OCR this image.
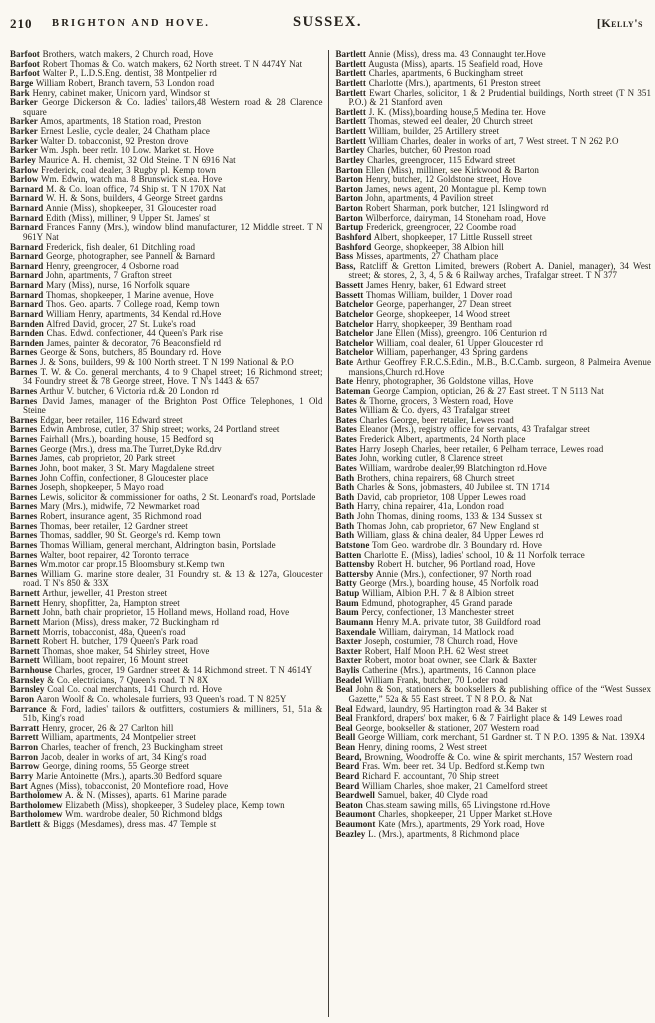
210 BRIGHTON AND HOVE.	SUSSEX.	[Kelly's
Barfoot Brothers, watch makers, 2 Church road, Hove
Barfoot Robert Thomas & Co. watch makers, 62 North street. T N 4474Y Nat
Barfoot Walter P., L.D.S.Eng. dentist, 38 Montpelier rd
Barge William Robert, Branch tavern, 53 London road
Bark Henry, cabinet maker, Unicorn yard, Windsor st
Barker George Dickerson & Co. ladies' tailors,48 Western road & 28 Clarence square
Barker Amos, apartments, 18 Station road, Preston
Barker Ernest Leslie, cycle dealer, 24 Chatham place
Barker Walter D. tobacconist, 92 Preston drove
Barker Wm. Jsph. beer retlr. 10 Low. Market st. Hove
Barley Maurice A. H. chemist, 32 Old Steine. T N 6916 Nat
Barlow Frederick, coal dealer, 3 Rugby pl. Kemp town
Barlow Wm. Edwin, watch ma. 8 Brunswick st.ea. Hove
Barnard M. & Co. loan office, 74 Ship st. T N 170X Nat
Barnard W. H. & Sons, builders, 4 George Street gardns
Barnard Annie (Miss), shopkeeper, 31 Gloucester road
Barnard Edith (Miss), milliner, 9 Upper St. James' st
Barnard Frances Fanny (Mrs.), window blind manufacturer, 12 Middle street. T N 961Y Nat
Barnard Frederick, fish dealer, 61 Ditchling road
Barnard George, photographer, see Pannell & Barnard
Barnard Henry, greengrocer, 4 Osborne road
Barnard John, apartments, 7 Grafton street
Barnard Mary (Miss), nurse, 16 Norfolk square
Barnard Thomas, shopkeeper, 1 Marine avenue, Hove
Barnard Thos. Geo. aparts. 7 College road, Kemp town
Barnard William Henry, apartments, 34 Kendal rd.Hove
Barnden Alfred David, grocer, 27 St. Luke's road
Barnden Chas. Edwd. confectioner, 44 Queen's Park rise
Barnden James, painter & decorator, 76 Beaconsfield rd
Barnes George & Sons, butchers, 85 Boundary rd. Hove
Barnes J. & Sons, builders, 99 & 100 North street. T N 199 National & P.O
Barnes T. W. & Co. general merchants, 4 to 9 Chapel street; 16 Richmond street; 34 Foundry street & 78 George street, Hove. T N's 1443 & 657
Barnes Arthur V. butcher, 6 Victoria rd.& 20 London rd
Barnes David James, manager of the Brighton Post Office Telephones, 1 Old Steine
Barnes Edgar, beer retailer, 116 Edward street
Barnes Edwin Ambrose, cutler, 37 Ship street; works, 24 Portland street
Barnes Fairhall (Mrs.), boarding house, 15 Bedford sq
Barnes George (Mrs.), dress ma.The Turret,Dyke Rd.drv
Barnes James, cab proprietor, 20 Park street
Barnes John, boot maker, 3 St. Mary Magdalene street
Barnes John Coffin, confectioner, 8 Gloucester place
Barnes Joseph, shopkeeper, 5 Mayo road
Barnes Lewis, solicitor & commissioner for oaths, 2 St. Leonard's road, Portslade
Barnes Mary (Mrs.), midwife, 72 Newmarket road
Barnes Robert, insurance agent, 35 Richmond road
Barnes Thomas, beer retailer, 12 Gardner street
Barnes Thomas, saddler, 90 St. George's rd. Kemp town
Barnes Thomas William, general merchant, Aldrington basin, Portslade
Barnes Walter, boot repairer, 42 Toronto terrace
Barnes Wm.motor car propr.15 Bloomsbury st.Kemp twn
Barnes William G. marine store dealer, 31 Foundry st. & 13 & 127a, Gloucester road. T N's 850 & 33X
Barnett Arthur, jeweller, 41 Preston street
Barnett Henry, shopfitter, 2a, Hampton street
Barnett John, bath chair proprietor, 15 Holland mews, Holland road, Hove
Barnett Marion (Miss), dress maker, 72 Buckingham rd
Barnett Morris, tobacconist, 48a, Queen's road
Barnett Robert H. butcher, 179 Queen's Park road
Barnett Thomas, shoe maker, 54 Shirley street, Hove
Barnett William, boot repairer, 16 Mount street
Barnhouse Charles, grocer, 19 Gardner street & 14 Richmond street. T N 4614Y
Barnsley & Co. electricians, 7 Queen's road. T N 8X
Barnsley Coal Co. coal merchants, 141 Church rd. Hove
Baron Aaron Woolf & Co. wholesale furriers, 93 Queen's road. T N 825Y
Barrance & Ford, ladies' tailors & outfitters, costumiers & milliners, 51, 51a & 51b, King's road
Barratt Henry, grocer, 26 & 27 Carlton hill
Barrett William, apartments, 24 Montpelier street
Barron Charles, teacher of french, 23 Buckingham street
Barron Jacob, dealer in works of art, 34 King's road
Barrow George, dining rooms, 55 George street
Barry Marie Antoinette (Mrs.), aparts.30 Bedford square
Bart Agnes (Miss), tobacconist, 20 Montefiore road, Hove
Bartholomew A. & N. (Misses), aparts. 61 Marine parade
Bartholomew Elizabeth (Miss), shopkeeper, 3 Sudeley place, Kemp town
Bartholomew Wm. wardrobe dealer, 50 Richmond bldgs
Bartlett & Biggs (Mesdames), dress mas. 47 Temple st
Bartlett Annie (Miss), dress ma. 43 Connaught ter.Hove
Bartlett Augusta (Miss), aparts. 15 Seafield road, Hove
Bartlett Charles, apartments, 6 Buckingham street
Bartlett Charlotte (Mrs.), apartments, 61 Preston street
Bartlett Ewart Charles, solicitor, 1 & 2 Prudential buildings, North street (T N 351 P.O.) & 21 Stanford aven
Bartlett J. K. (Miss),boarding house,5 Medina ter. Hove
Bartlett Thomas, stewed eel dealer, 20 Church street
Bartlett William, builder, 25 Artillery street
Bartlett William Charles, dealer in works of art, 7 West street. T N 262 P.O
Bartley Charles, butcher, 60 Preston road
Bartley Charles, greengrocer, 115 Edward street
Barton Ellen (Miss), milliner, see Kirkwood & Barton
Barton Henry, butcher, 12 Goldstone street, Hove
Barton James, news agent, 20 Montague pl. Kemp town
Barton John, apartments, 4 Pavilion street
Barton Robert Sharman, pork butcher, 121 Islingword rd
Barton Wilberforce, dairyman, 14 Stoneham road, Hove
Bartup Frederick, greengrocer, 22 Coombe road
Bashford Albert, shopkeeper, 17 Little Russell street
Bashford George, shopkeeper, 38 Albion hill
Bass Misses, apartments, 27 Chatham place
Bass, Ratcliff & Gretton Limited, brewers (Robert A. Daniel, manager), 34 West street; & stores, 2, 3, 4, 5 & 6 Railway arches, Trafalgar street. T N 377
Bassett James Henry, baker, 61 Edward street
Bassett Thomas William, builder, 1 Dover road
Batchelor George, paperhanger, 27 Dean street
Batchelor George, shopkeeper, 14 Wood street
Batchelor Harry, shopkeeper, 39 Bentham road
Batchelor Jane Ellen (Miss), greengro. 106 Centurion rd
Batchelor William, coal dealer, 61 Upper Gloucester rd
Batchelor William, paperhanger, 43 Spring gardens
Bate Arthur Geoffrey F.R.C.S.Edin., M.B., B.C.Camb. surgeon, 8 Palmeira Avenue mansions,Church rd.Hove
Bate Henry, photographer, 36 Goldstone villas, Hove
Bateman George Campion, optician, 26 & 27 East street. T N 5113 Nat
Bates & Thorne, grocers, 3 Western road, Hove
Bates William & Co. dyers, 43 Trafalgar street
Bates Charles George, beer retailer, Lewes road
Bates Eleanor (Mrs.), registry office for servants, 43 Trafalgar street
Bates Frederick Albert, apartments, 24 North place
Bates Harry Joseph Charles, beer retailer, 6 Pelham terrace, Lewes road
Bates John, working cutler, 8 Clarence street
Bates William, wardrobe dealer,99 Blatchington rd.Hove
Bath Brothers, china repairers, 68 Church street
Bath Charles & Sons, jobmasters, 40 Jubilee st. TN 1714
Bath David, cab proprietor, 108 Upper Lewes road
Bath Harry, china repairer, 41a, London road
Bath John Thomas, dining rooms, 133 & 134 Sussex st
Bath Thomas John, cab proprietor, 67 New England st
Bath William, glass & china dealer, 84 Upper Lewes rd
Batstone Tom Geo. wardrobe dlr. 3 Boundary rd. Hove
Batten Charlotte E. (Miss), ladies' school, 10 & 11 Norfolk terrace
Battensby Robert H. butcher, 96 Portland road, Hove
Battersby Annie (Mrs.), confectioner, 97 North road
Batty George (Mrs.), boarding house, 45 Norfolk road
Batup William, Albion P.H. 7 & 8 Albion street
Baum Edmund, photographer, 45 Grand parade
Baum Percy, confectioner, 13 Manchester street
Baumann Henry M.A. private tutor, 38 Guildford road
Baxendale William, dairyman, 14 Matlock road
Baxter Joseph, costumier, 78 Church road, Hove
Baxter Robert, Half Moon P.H. 62 West street
Baxter Robert, motor boat owner, see Clark & Baxter
Baylis Catherine (Mrs.), apartments, 16 Cannon place
Beadel William Frank, butcher, 70 Loder road
Beal John & Son, stationers & booksellers & publishing office of the “West Sussex Gazette,” 52a & 55 East street. T N 8 P.O. & Nat
Beal Edward, laundry, 95 Hartington road & 34 Baker st
Beal Frankford, drapers' box maker, 6 & 7 Fairlight place & 149 Lewes road
Beal George, bookseller & stationer, 207 Western road
Beall George William, cork merchant, 51 Gardner st. T N P.O. 1395 & Nat. 139X4
Bean Henry, dining rooms, 2 West street
Beard, Browning, Woodroffe & Co. wine & spirit merchants, 157 Western road
Beard Fras. Wm. beer ret. 34 Up. Bedford st.Kemp twn
Beard Richard F. accountant, 70 Ship street
Beard William Charles, shoe maker, 21 Camelford street
Beardwell Samuel, baker, 40 Clyde road
Beaton Chas.steam sawing mills, 65 Livingstone rd.Hove
Beaumont Charles, shopkeeper, 21 Upper Market st.Hove
Beaumont Kate (Mrs.), apartments, 29 York road, Hove
Beazley L. (Mrs.), apartments, 8 Richmond place
